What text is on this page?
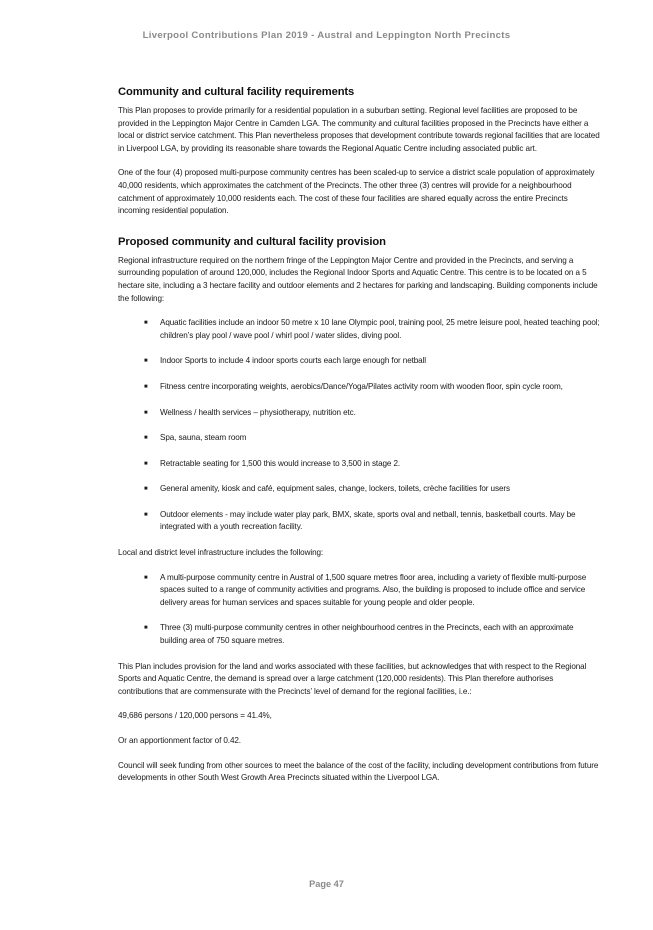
Liverpool Contributions Plan 2019 - Austral and Leppington North Precincts
Community and cultural facility requirements

This Plan proposes to provide primarily for a residential population in a suburban setting. Regional level facilities are proposed to be provided in the Leppington Major Centre in Camden LGA. The community and cultural facilities proposed in the Precincts have either a local or district service catchment. This Plan nevertheless proposes that development contribute towards regional facilities that are located in Liverpool LGA, by providing its reasonable share towards the Regional Aquatic Centre including associated public art.

One of the four (4) proposed multi-purpose community centres has been scaled-up to service a district scale population of approximately 40,000 residents, which approximates the catchment of the Precincts. The other three (3) centres will provide for a neighbourhood catchment of approximately 10,000 residents each. The cost of these four facilities are shared equally across the entire Precincts incoming residential population.

Proposed community and cultural facility provision

Regional infrastructure required on the northern fringe of the Leppington Major Centre and provided in the Precincts, and serving a surrounding population of around 120,000, includes the Regional Indoor Sports and Aquatic Centre. This centre is to be located on a 5 hectare site, including a 3 hectare facility and outdoor elements and 2 hectares for parking and landscaping. Building components include the following:

■ Aquatic facilities include an indoor 50 metre x 10 lane Olympic pool, training pool, 25 metre leisure pool, heated teaching pool; children’s play pool / wave pool / whirl pool / water slides, diving pool.
■ Indoor Sports to include 4 indoor sports courts each large enough for netball
■ Fitness centre incorporating weights, aerobics/Dance/Yoga/Pilates activity room with wooden floor, spin cycle room,
■ Wellness / health services – physiotherapy, nutrition etc.
■ Spa, sauna, steam room
■ Retractable seating for 1,500 this would increase to 3,500 in stage 2.
■ General amenity, kiosk and café, equipment sales, change, lockers, toilets, crèche facilities for users
■ Outdoor elements - may include water play park, BMX, skate, sports oval and netball, tennis, basketball courts. May be integrated with a youth recreation facility.

Local and district level infrastructure includes the following:

■ A multi-purpose community centre in Austral of 1,500 square metres floor area, including a variety of flexible multi-purpose spaces suited to a range of community activities and programs. Also, the building is proposed to include office and service delivery areas for human services and spaces suitable for young people and older people.
■ Three (3) multi-purpose community centres in other neighbourhood centres in the Precincts, each with an approximate building area of 750 square metres.

This Plan includes provision for the land and works associated with these facilities, but acknowledges that with respect to the Regional Sports and Aquatic Centre, the demand is spread over a large catchment (120,000 residents). This Plan therefore authorises contributions that are commensurate with the Precincts’ level of demand for the regional facilities, i.e.:

49,686 persons / 120,000 persons = 41.4%,

Or an apportionment factor of 0.42.

Council will seek funding from other sources to meet the balance of the cost of the facility, including development contributions from future developments in other South West Growth Area Precincts situated within the Liverpool LGA.

Page 47
